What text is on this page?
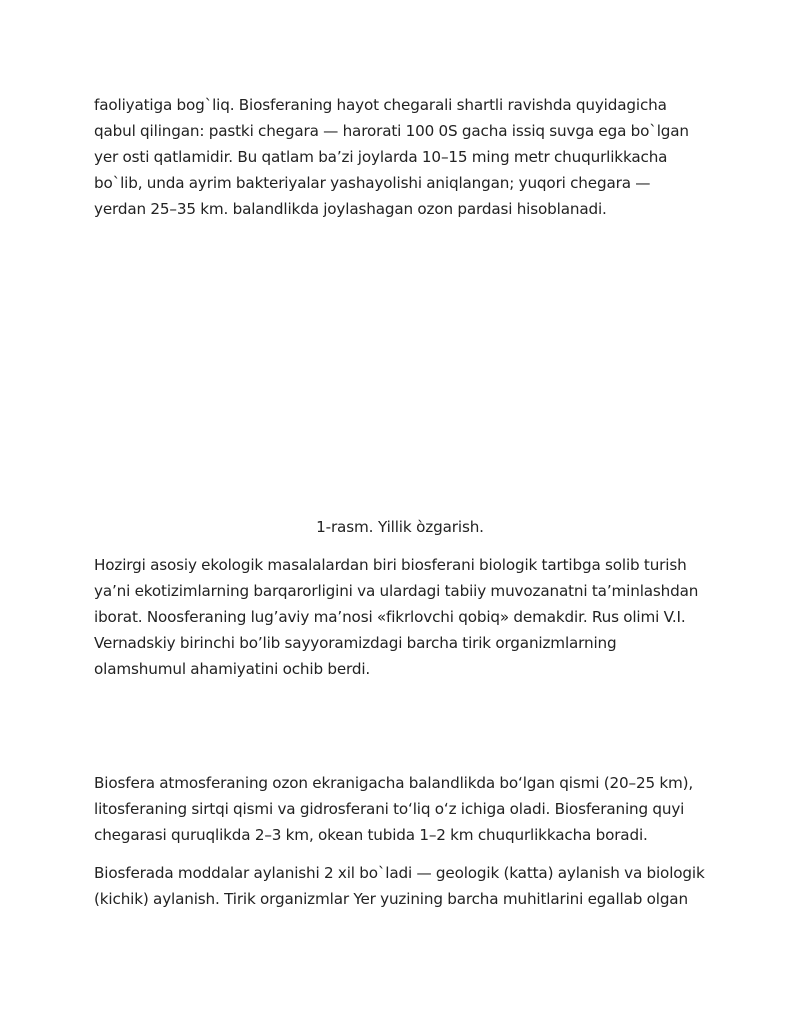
faoliyatiga bog`liq. Biosferaning hayot chegarali shartli ravishda quyidagicha qabul qilingan: pastki chegara — harorati 100 0S gacha issiq suvga ega bo`lgan yer osti qatlamidir. Bu qatlam ba’zi joylarda 10–15 ming metr chuqurlikkacha bo`lib, unda ayrim bakteriyalar yashayolishi aniqlangan; yuqori chegara — yerdan 25–35 km. balandlikda joylashagan ozon pardasi hisoblanadi.

1-rasm. Yillik òzgarish.

Hozirgi asosiy ekologik masalalardan biri biosferani biologik tartibga solib turish ya’ni ekotizimlarning barqarorligini va ulardagi tabiiy muvozanatni ta’minlashdan iborat. Noosferaning lug’aviy ma’nosi «fikrlovchi qobiq» demakdir. Rus olimi V.I. Vernadskiy birinchi bo’lib sayyoramizdagi barcha tirik organizmlarning olamshumul ahamiyatini ochib berdi.

Biosfera atmosferaning ozon ekranigacha balandlikda boʻlgan qismi (20–25 km), litosferaning sirtqi qismi va gidrosferani toʻliq oʻz ichiga oladi. Biosferaning quyi chegarasi quruqlikda 2–3 km, okean tubida 1–2 km chuqurlikkacha boradi.

Biosferada moddalar aylanishi 2 xil bo`ladi — geologik (katta) aylanish va biologik (kichik) aylanish. Tirik organizmlar Yer yuzining barcha muhitlarini egallab olgan
